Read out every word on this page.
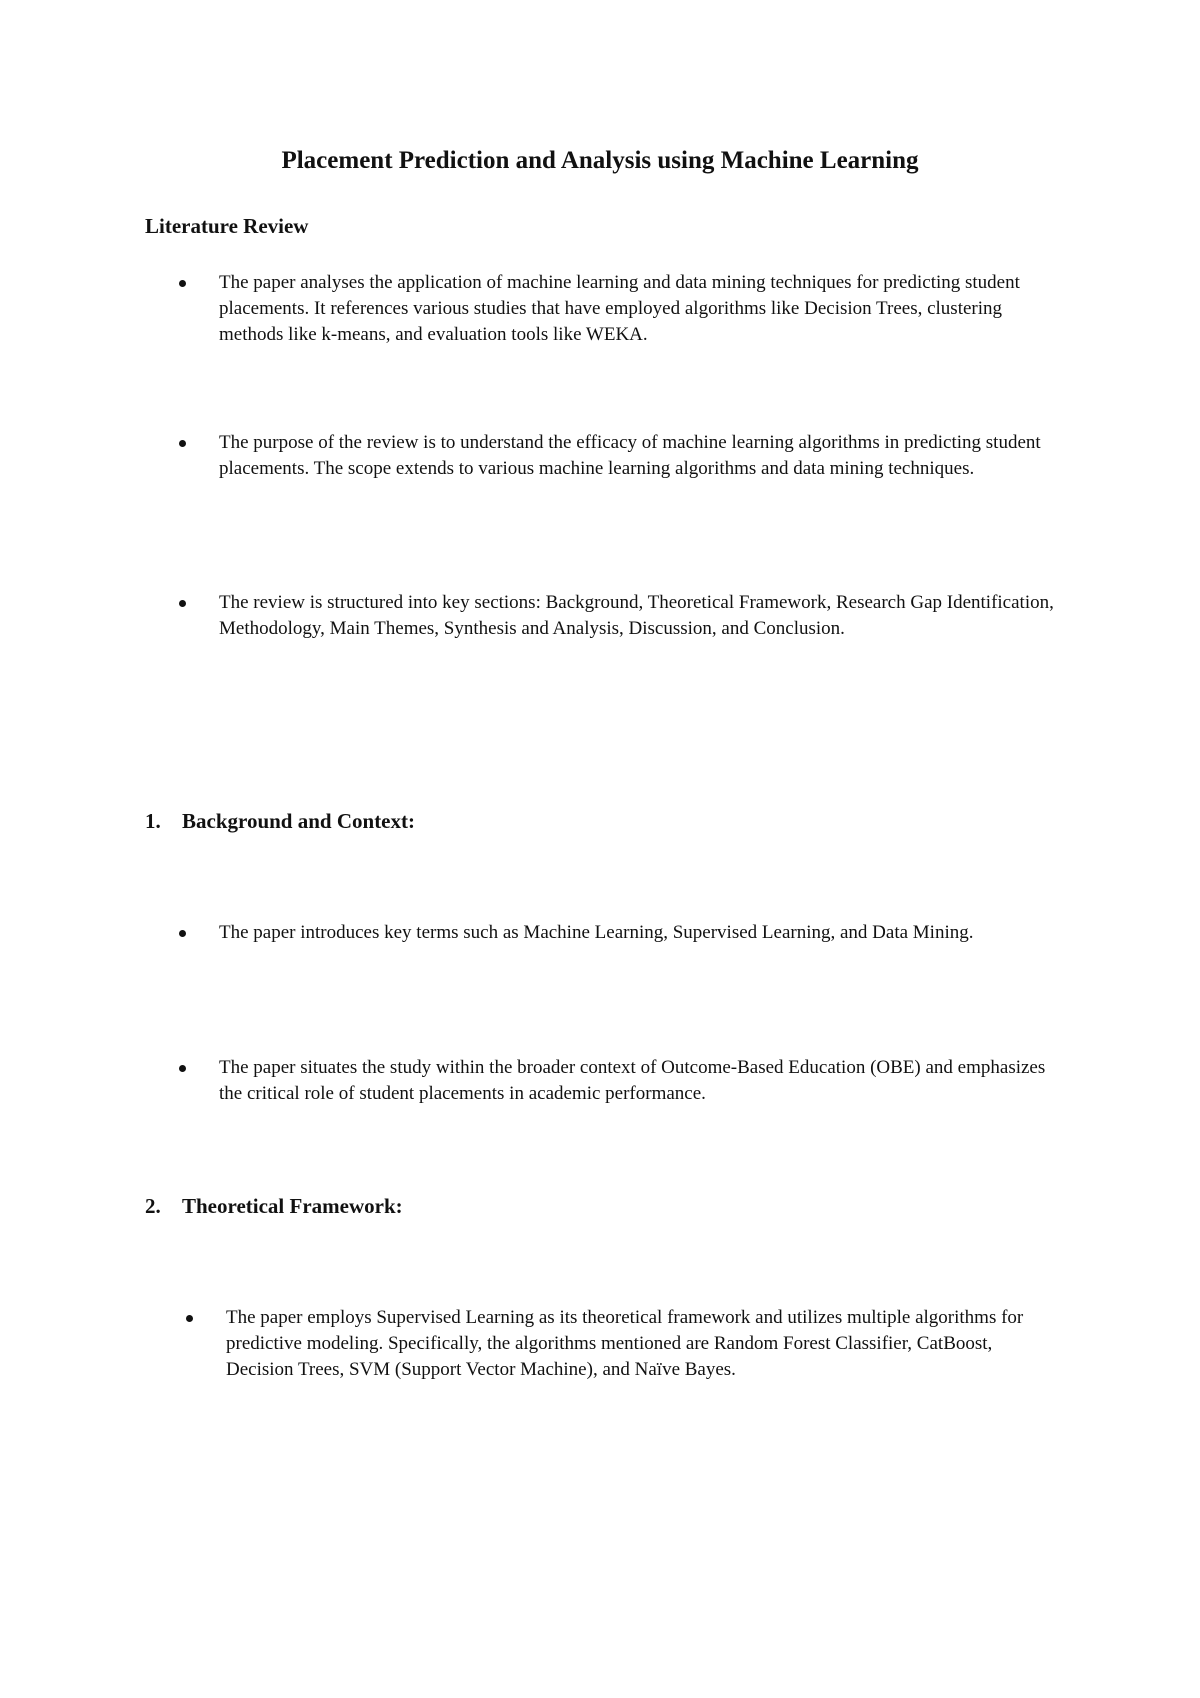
Placement Prediction and Analysis using Machine Learning
Literature Review
The paper analyses the application of machine learning and data mining techniques for predicting student placements. It references various studies that have employed algorithms like Decision Trees, clustering methods like k-means, and evaluation tools like WEKA.
The purpose of the review is to understand the efficacy of machine learning algorithms in predicting student placements. The scope extends to various machine learning algorithms and data mining techniques.
The review is structured into key sections: Background, Theoretical Framework, Research Gap Identification, Methodology, Main Themes, Synthesis and Analysis, Discussion, and Conclusion.
1. Background and Context:
The paper introduces key terms such as Machine Learning, Supervised Learning, and Data Mining.
The paper situates the study within the broader context of Outcome-Based Education (OBE) and emphasizes the critical role of student placements in academic performance.
2. Theoretical Framework:
The paper employs Supervised Learning as its theoretical framework and utilizes multiple algorithms for predictive modeling. Specifically, the algorithms mentioned are Random Forest Classifier, CatBoost, Decision Trees, SVM (Support Vector Machine), and Naïve Bayes.
